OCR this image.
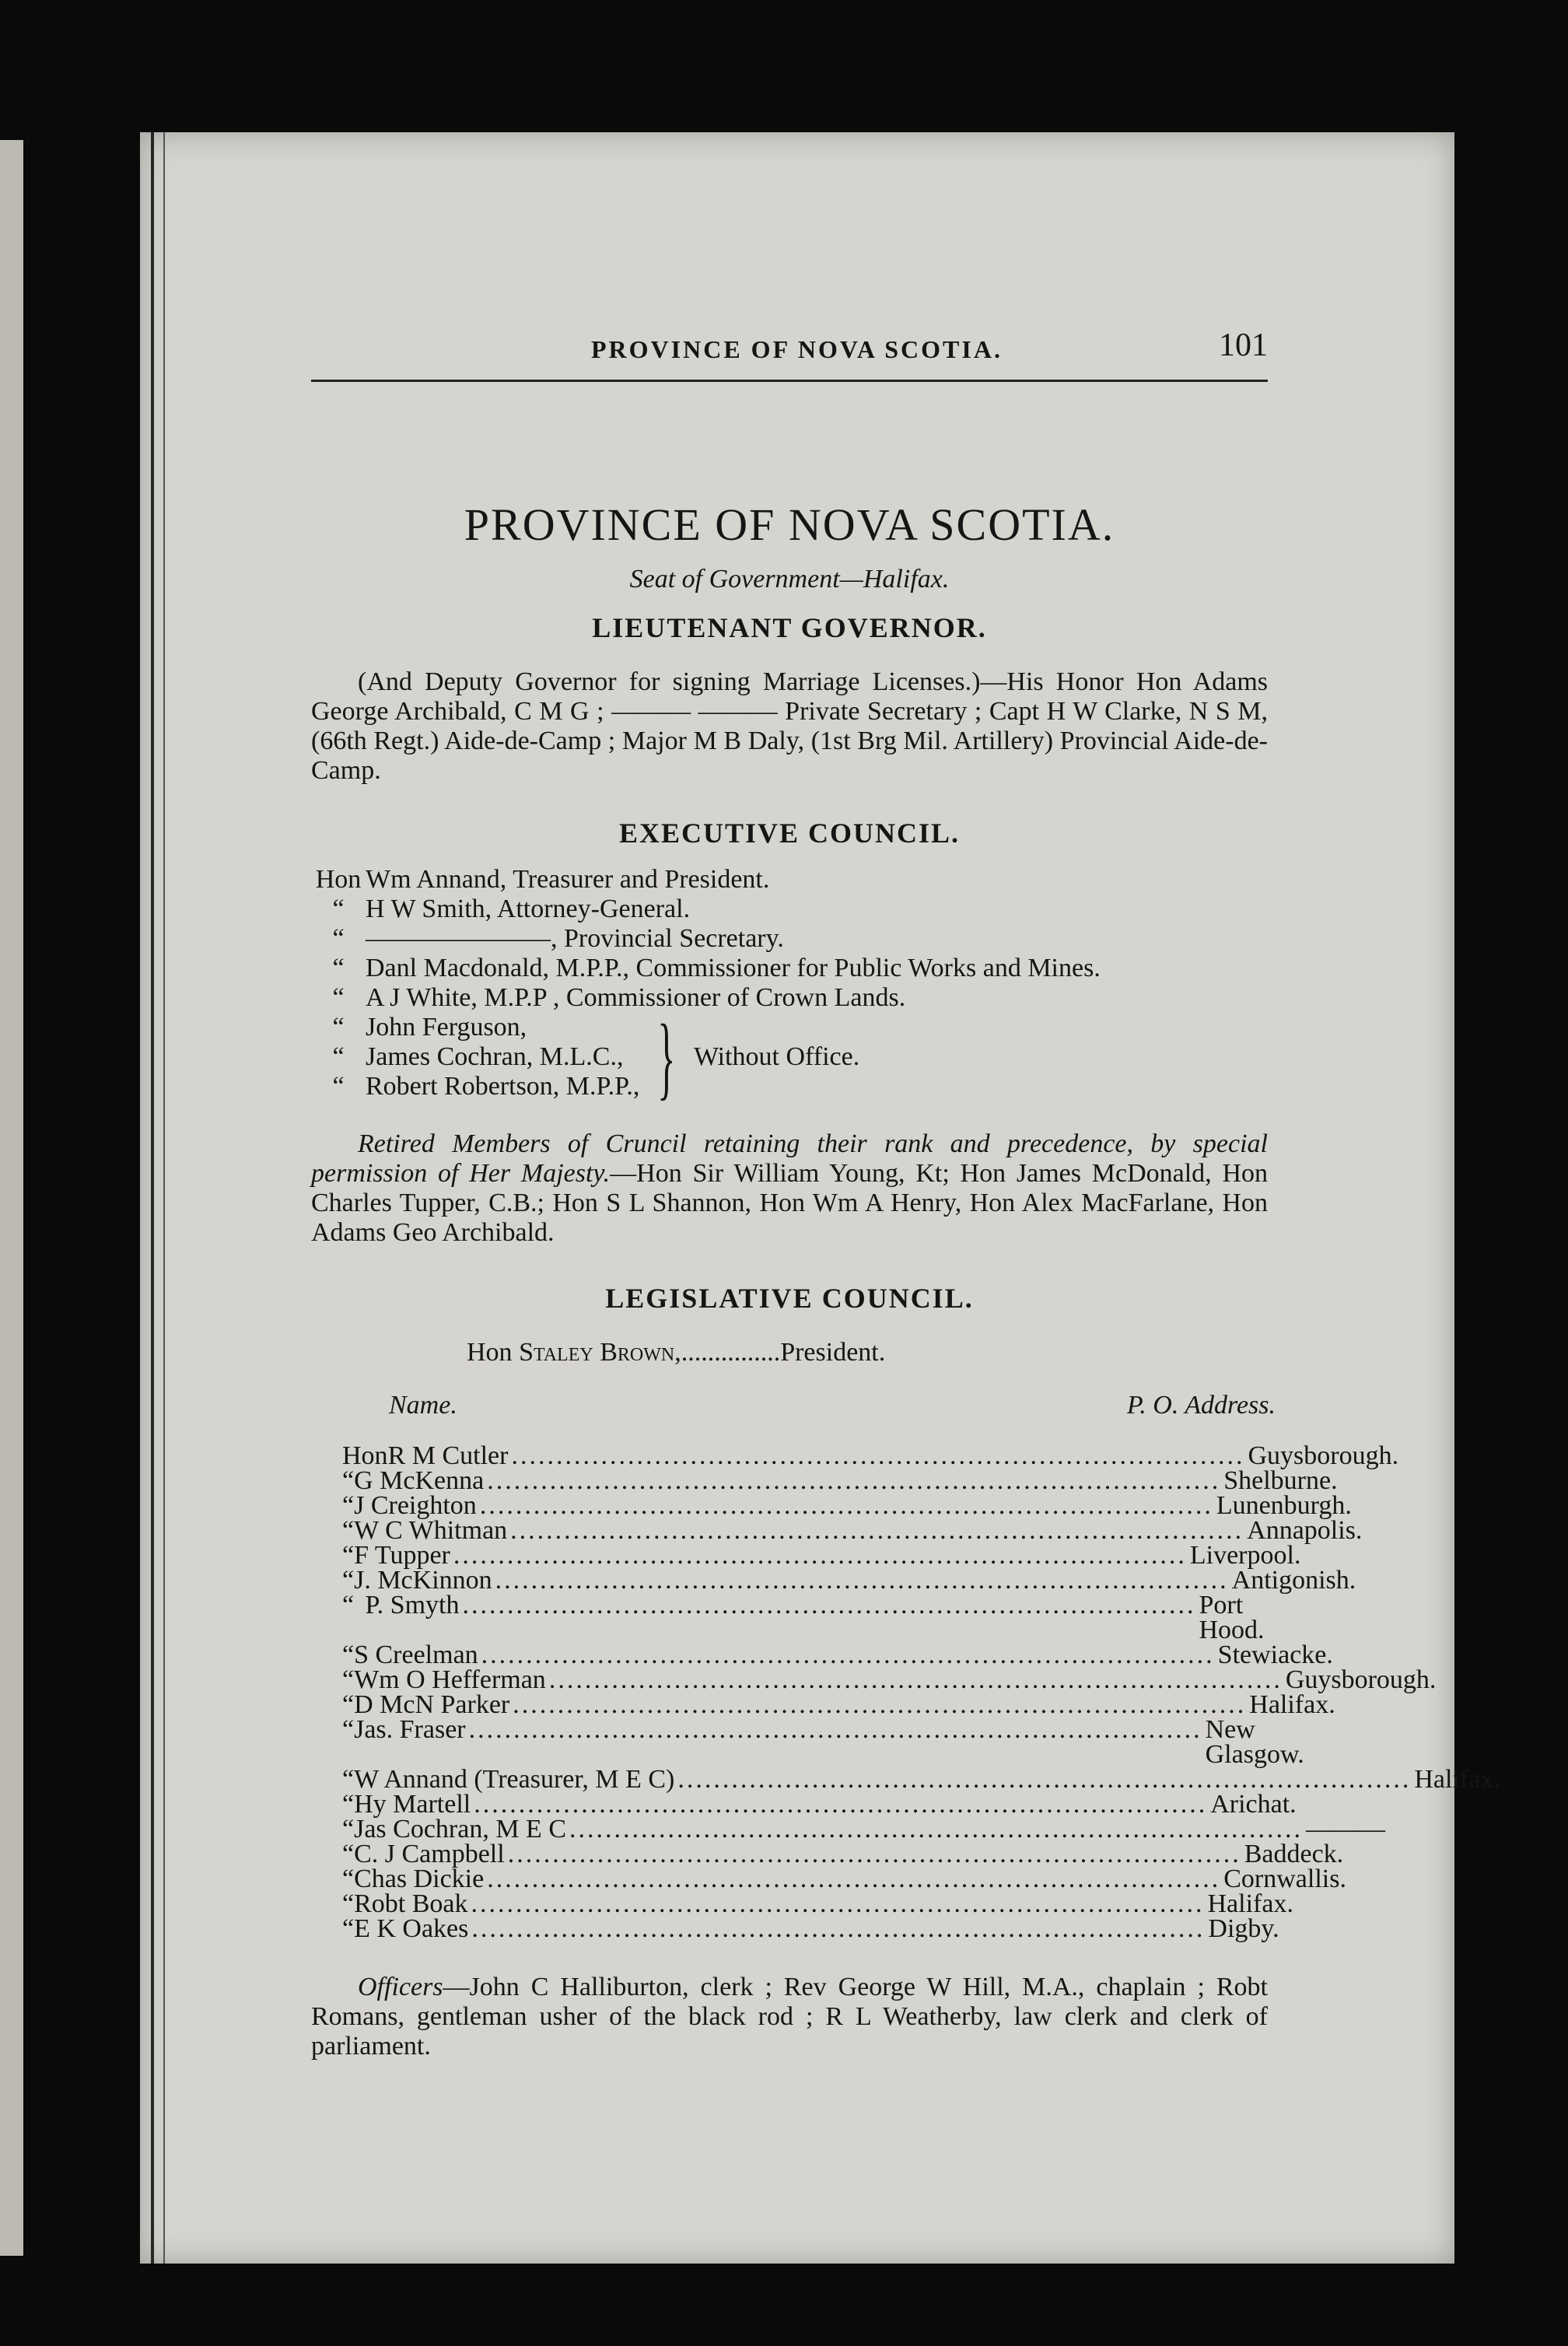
PROVINCE OF NOVA SCOTIA.	101
PROVINCE OF NOVA SCOTIA.
Seat of Government—Halifax.
LIEUTENANT GOVERNOR.
(And Deputy Governor for signing Marriage Licenses.)—His Honor Hon Adams George Archibald, C M G ; ——— ——— Private Secretary ; Capt H W Clarke, N S M, (66th Regt.) Aide-de-Camp ; Major M B Daly, (1st Brg Mil. Artillery) Provincial Aide-de-Camp.
EXECUTIVE COUNCIL.
Hon Wm Annand, Treasurer and President.
“ H W Smith, Attorney-General.
“ ———————, Provincial Secretary.
“ Danl Macdonald, M.P.P., Commissioner for Public Works and Mines.
“ A J White, M.P.P , Commissioner of Crown Lands.
“ John Ferguson,
“ James Cochran, M.L.C.,
“ Robert Robertson, M.P.P., } Without Office.
Retired Members of Cruncil retaining their rank and precedence, by special permission of Her Majesty.—Hon Sir William Young, Kt; Hon James McDonald, Hon Charles Tupper, C.B.; Hon S L Shannon, Hon Wm A Henry, Hon Alex MacFarlane, Hon Adams Geo Archibald.
LEGISLATIVE COUNCIL.
Hon Staley Brown,...............President.
Name.	P. O. Address.
Hon R M Cutler .................................................................................. Guysborough.
“ G McKenna .................................................................................. Shelburne.
“ J Creighton .................................................................................. Lunenburgh.
“ W C Whitman .................................................................................. Annapolis.
“ F Tupper .................................................................................. Liverpool.
“ J. McKinnon .................................................................................. Antigonish.
“ P. Smyth .................................................................................. Port Hood.
“ S Creelman .................................................................................. Stewiacke.
“ Wm O Hefferman .................................................................................. Guysborough.
“ D McN Parker .................................................................................. Halifax.
“ Jas. Fraser .................................................................................. New Glasgow.
“ W Annand (Treasurer, M E C) .................................................................................. Halifax.
“ Hy Martell .................................................................................. Arichat.
“ Jas Cochran, M E C .................................................................................. ———
“ C. J Campbell .................................................................................. Baddeck.
“ Chas Dickie .................................................................................. Cornwallis.
“ Robt Boak .................................................................................. Halifax.
“ E K Oakes .................................................................................. Digby.
Officers—John C Halliburton, clerk ; Rev George W Hill, M.A., chaplain ; Robt Romans, gentleman usher of the black rod ; R L Weatherby, law clerk and clerk of parliament.
